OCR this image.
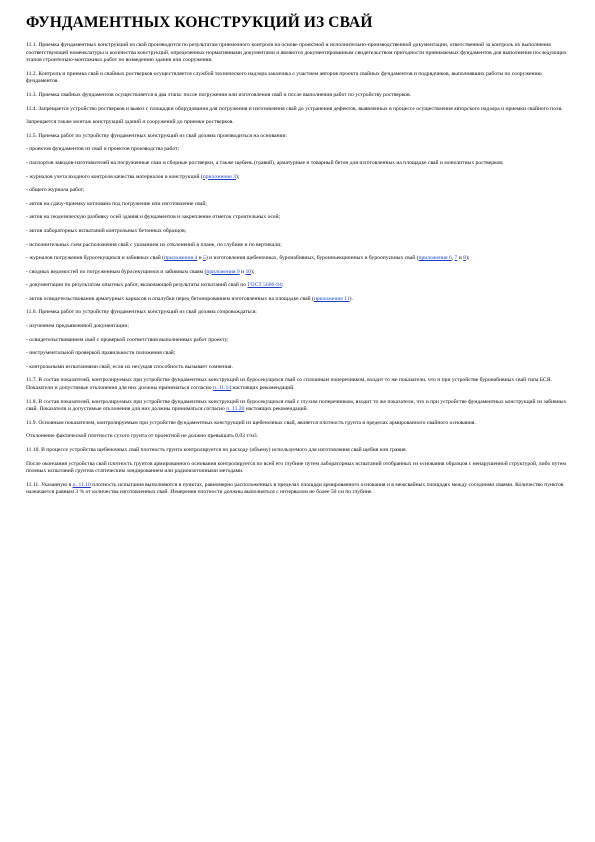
ФУНДАМЕНТНЫХ КОНСТРУКЦИЙ ИЗ СВАЙ
11.1. Приемка фундаментных конструкций из свай производится по результатам приемочного контроля на основе проектной и исполнительно-производственной документации, ответственной за контроль их выполнения соответствующей номенклатуры и количества конструкций, определенных нормативными документами и являются документированным свидетельством пригодности принимаемых фундаментов для выполнения последующих этапов строительно-монтажных работ по возведению здания или сооружения.
11.2. Контроль и приемка свай и свайных ростверков осуществляется службой технического надзора заказчика с участием авторов проекта свайных фундаментов и подрядчиков, выполнявших работы по сооружению фундаментов.
11.3. Приемка свайных фундаментов осуществляется в два этапа: после погружения или изготовления свай и после выполнения работ по устройству ростверков.
11.4. Запрещается устройство ростверков и вывоз с площадки оборудования для погружения и изготовления свай до устранения дефектов, выявленных в процессе осуществления авторского надзора и приемки свайного поля.
Запрещается также монтаж конструкций зданий и сооружений до приемки ростверков.
11.5. Приемка работ по устройству фундаментных конструкций из свай должна производиться на основании:
- проектов фундаментов из свай и проектов производства работ;
- паспортов заводов-изготовителей на погруженные сваи и сборные ростверки, а также щебень (гравий), арматурные и товарный бетон для изготовленных на площадке свай и монолитных ростверков;
- журналов учета входного контроля качества материалов и конструкций (приложение 3);
- общего журнала работ;
- актов на сдачу-приемку котлована под погружение или изготовление свай;
- актов на геодезическую разбивку осей здания и фундаментов и закрепление отметок строительных осей;
- актов лабораторных испытаний контрольных бетонных образцов;
- исполнительных схем расположения свай с указанием их отклонений в плане, по глубине и по вертикали;
- журналов погружения буросекущихся и забивных свай (приложения 4 и 5) и изготовления щебеночных, буронабивных, буроинъекционных и буроопускных свай (приложения 6, 7 и 8);
- сводных ведомостей по погруженным буросекущимся и забивным сваям (приложения 9 и 10);
- документации по результатам опытных работ, включающей результаты испытаний свай по ГОСТ 5686-94;
- актов освидетельствования арматурных каркасов и опалубки перед бетонированием изготовленных на площадке свай (приложение 11).
11.6. Приемка работ по устройству фундаментных конструкций из свай должна сопровождаться:
- изучением предъявленной документации;
- освидетельствованием свай с проверкой соответствия выполненных работ проекту;
- инструментальной проверкой правильности положения свай;
- контрольными испытаниями свай, если их несущая способность вызывает сомнения.
11.7. В состав показателей, контролируемых при устройстве фундаментных конструкций из буросекущихся свай со сплошным поперечником, входит то же показатели, что и при устройстве буронабивных свай типа БСЯ. Показатели и допустимые отклонения для них должны приниматься согласно п. 11.14 настоящих рекомендаций.
11.8. В состав показателей, контролируемых при устройстве фундаментных конструкций из буросекущихся свай с глухим поперечником, входит то же показатели, что и при устройстве фундаментных конструкций из забивных свай. Показатели и допустимые отклонения для них должны приниматься согласно п. 11.20 настоящих рекомендаций.
11.9. Основным показателем, контролируемым при устройстве фундаментных конструкций из щебеночных свай, является плотность грунта в пределах армированного свайного основания.
Отклонение фактической плотности сухого грунта от проектной не должно превышать 0,03 т/м3.
11.10. В процессе устройства щебеночных свай плотность грунта контролируется по расходу (объему) используемого для изготовления свай щебня или гравия.
После окончания устройства свай плотность грунтов армированного основания контролируется по всей его глубине путем лабораторных испытаний отобранных из основания образцов с ненарушенной структурой, либо путем полевых испытаний грунтов статическим зондированием или радиоизотопными методами.
11.11. Указанную в п. 11.10 плотность испытания выполняются в пунктах, равномерно расположенных в пределах площади армированного основания и в межсвайных площадях между соседними сваями. Количество пунктов назначается равным 3 % от количества изготовленных свай. Измерения плотности должны выполняться с интервалом не более 50 см по глубине.
